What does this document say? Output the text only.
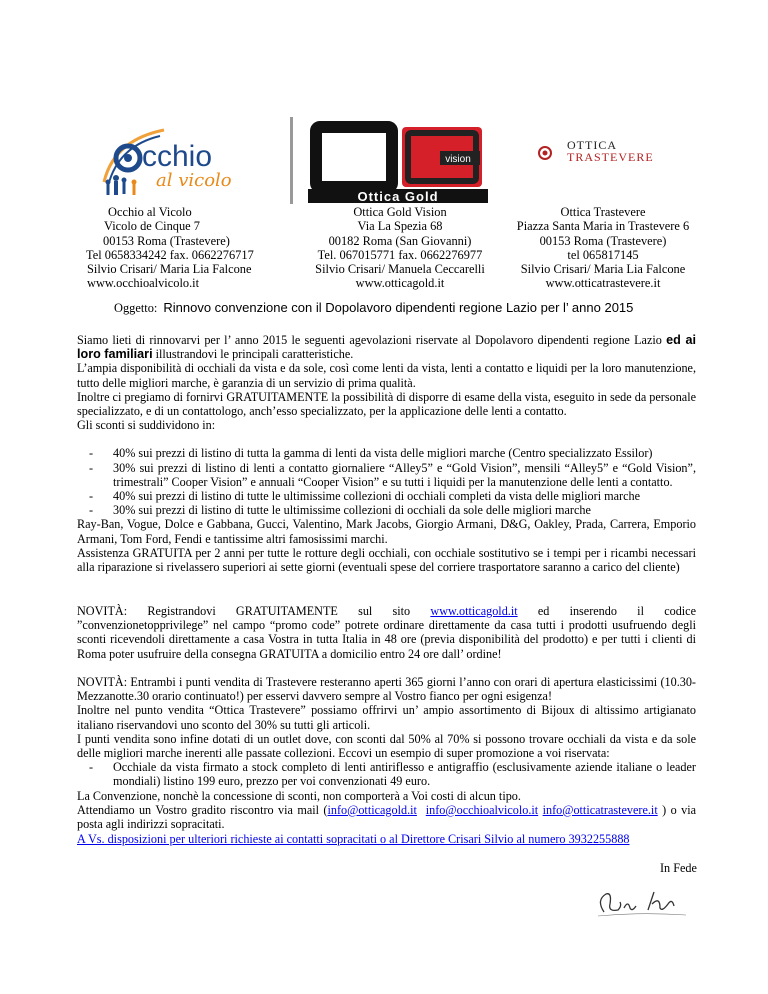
cchio
al vicolo
vision
Ottica Gold
OTTICA
TRASTEVERE
Occhio al Vicolo
Vicolo de Cinque 7
00153 Roma (Trastevere)
Tel 0658334242 fax. 0662276717
Silvio Crisari/ Maria Lia Falcone
www.occhioalvicolo.it
Ottica Gold Vision
Via La Spezia 68
00182 Roma (San Giovanni)
Tel. 067015771 fax. 0662276977
Silvio Crisari/ Manuela Ceccarelli
www.otticagold.it
Ottica Trastevere
Piazza Santa Maria in Trastevere 6
00153 Roma (Trastevere)
tel 065817145
Silvio Crisari/ Maria Lia Falcone
www.otticatrastevere.it
Oggetto: Rinnovo convenzione con il Dopolavoro dipendenti regione Lazio per l’ anno 2015

Siamo lieti di rinnovarvi per l’ anno 2015 le seguenti agevolazioni riservate al Dopolavoro dipendenti regione Lazio ed ai loro familiari illustrandovi le principali caratteristiche.

L’ampia disponibilità di occhiali da vista e da sole, così come lenti da vista, lenti a contatto e liquidi per la loro manutenzione, tutto delle migliori marche, è garanzia di un servizio di prima qualità.

Inoltre ci pregiamo di fornirvi GRATUITAMENTE la possibilità di disporre di esame della vista, eseguito in sede da personale specializzato, e di un contattologo, anch’esso specializzato, per la applicazione delle lenti a contatto.

Gli sconti si suddividono in:

- 40% sui prezzi di listino di tutta la gamma di lenti da vista delle migliori marche (Centro specializzato Essilor)
- 30% sui prezzi di listino di lenti a contatto giornaliere “Alley5” e “Gold Vision”, mensili “Alley5” e “Gold Vision”, trimestrali” Cooper Vision” e annuali “Cooper Vision” e su tutti i liquidi per la manutenzione delle lenti a contatto.
- 40% sui prezzi di listino di tutte le ultimissime collezioni di occhiali completi da vista delle migliori marche
- 30% sui prezzi di listino di tutte le ultimissime collezioni di occhiali da sole delle migliori marche

Ray-Ban, Vogue, Dolce e Gabbana, Gucci, Valentino, Mark Jacobs, Giorgio Armani, D&G, Oakley, Prada, Carrera, Emporio Armani, Tom Ford, Fendi e tantissime altri famosissimi marchi.

Assistenza GRATUITA per 2 anni per tutte le rotture degli occhiali, con occhiale sostitutivo se i tempi per i ricambi necessari alla riparazione si rivelassero superiori ai sette giorni (eventuali spese del corriere trasportatore saranno a carico del cliente)

NOVITÀ: Registrandovi GRATUITAMENTE sul sito www.otticagold.it ed inserendo il codice

”convenzionetopprivilege” nel campo “promo code” potrete ordinare direttamente da casa tutti i prodotti usufruendo degli sconti ricevendoli direttamente a casa Vostra in tutta Italia in 48 ore (previa disponibilità del prodotto) e per tutti i clienti di Roma poter usufruire della consegna GRATUITA a domicilio entro 24 ore dall’ ordine!

NOVITÀ: Entrambi i punti vendita di Trastevere resteranno aperti 365 giorni l’anno con orari di apertura elasticissimi (10.30-Mezzanotte.30 orario continuato!) per esservi davvero sempre al Vostro fianco per ogni esigenza!

Inoltre nel punto vendita “Ottica Trastevere” possiamo offrirvi un’ ampio assortimento di Bijoux di altissimo artigianato italiano riservandovi uno sconto del 30% su tutti gli articoli.

I punti vendita sono infine dotati di un outlet dove, con sconti dal 50% al 70% si possono trovare occhiali da vista e da sole delle migliori marche inerenti alle passate collezioni. Eccovi un esempio di super promozione a voi riservata:

- Occhiale da vista firmato a stock completo di lenti antiriflesso e antigraffio (esclusivamente aziende italiane o leader mondiali) listino 199 euro, prezzo per voi convenzionati 49 euro.

La Convenzione, nonchè la concessione di sconti, non comporterà a Voi costi di alcun tipo.

Attendiamo un Vostro gradito riscontro via mail (info@otticagold.it info@occhioalvicolo.it info@otticatrastevere.it ) o via posta agli indirizzi sopracitati.

A Vs. disposizioni per ulteriori richieste ai contatti sopracitati o al Direttore Crisari Silvio al numero 3932255888
In Fede
